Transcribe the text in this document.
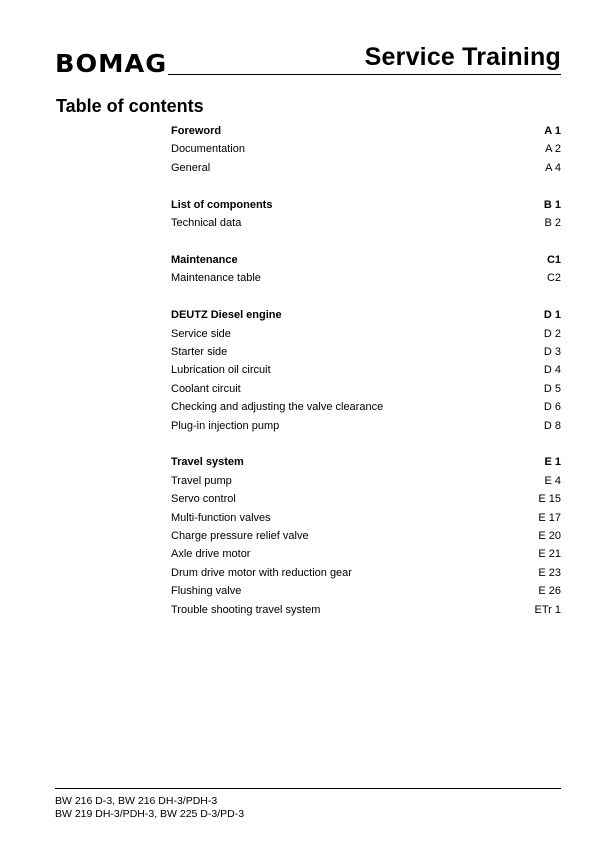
BOMAG	Service Training
Table of contents
Foreword	A 1
Documentation	A 2
General	A 4
List of components	B 1
Technical data	B 2
Maintenance	C1
Maintenance table	C2
DEUTZ Diesel engine	D 1
Service side	D 2
Starter side	D 3
Lubrication oil circuit	D 4
Coolant circuit	D 5
Checking and adjusting the valve clearance	D 6
Plug-in injection pump	D 8
Travel system	E 1
Travel pump	E 4
Servo control	E 15
Multi-function valves	E 17
Charge pressure relief valve	E 20
Axle drive motor	E 21
Drum drive motor with reduction gear	E 23
Flushing valve	E 26
Trouble shooting travel system	ETr 1
BW 216 D-3, BW 216 DH-3/PDH-3
BW 219 DH-3/PDH-3, BW 225 D-3/PD-3
